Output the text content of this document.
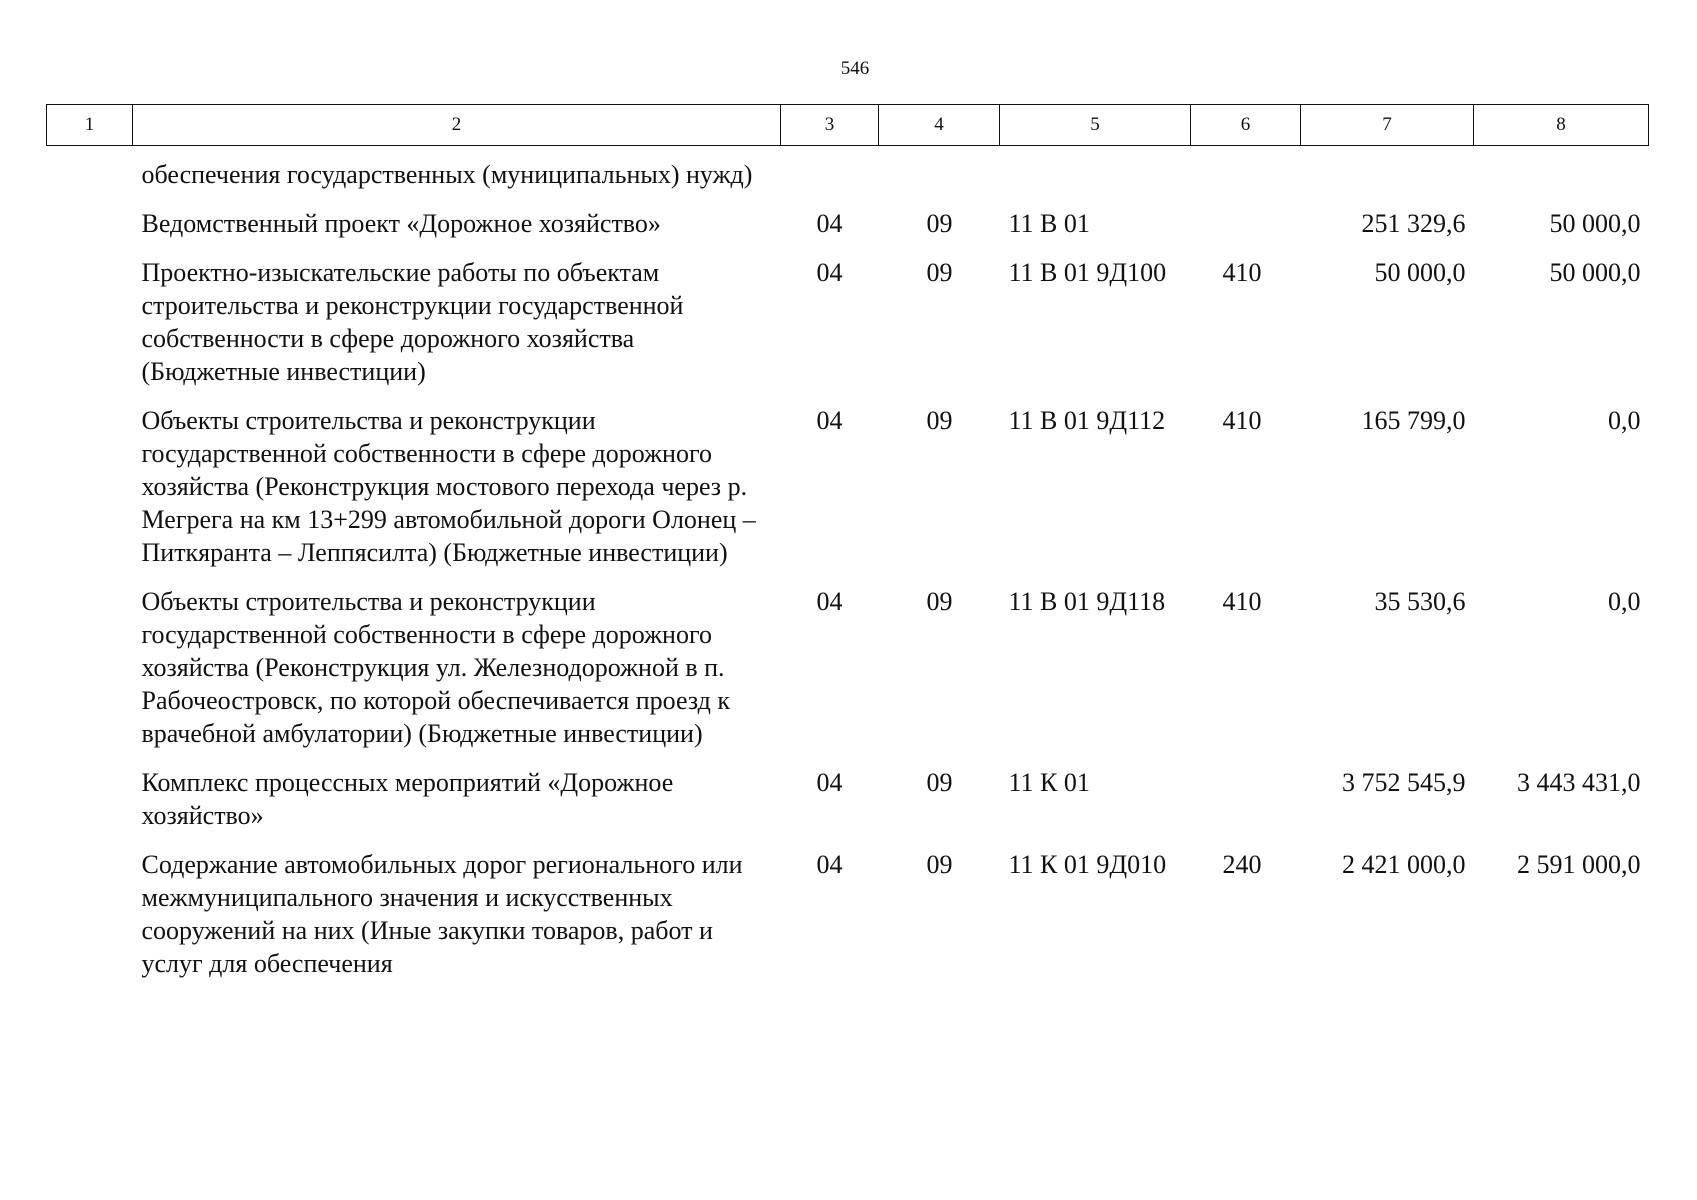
546
1	2	3	4	5	6	7	8
	обеспечения государственных (муниципальных) нужд)						
	Ведомственный проект «Дорожное хозяйство»	04	09	11 В 01		251 329,6	50 000,0
	Проектно-изыскательские работы по объектам строительства и реконструкции государственной собственности в сфере дорожного хозяйства (Бюджетные инвестиции)	04	09	11 В 01 9Д100	410	50 000,0	50 000,0
	Объекты строительства и реконструкции государственной собственности в сфере дорожного хозяйства (Реконструкция мостового перехода через р. Мегрега на км 13+299 автомобильной дороги Олонец – Питкяранта – Леппясилта) (Бюджетные инвестиции)	04	09	11 В 01 9Д112	410	165 799,0	0,0
	Объекты строительства и реконструкции государственной собственности в сфере дорожного хозяйства (Реконструкция ул. Железнодорожной в п. Рабочеостровск, по которой обеспечивается проезд к врачебной амбулатории) (Бюджетные инвестиции)	04	09	11 В 01 9Д118	410	35 530,6	0,0
	Комплекс процессных мероприятий «Дорожное хозяйство»	04	09	11 К 01		3 752 545,9	3 443 431,0
	Содержание автомобильных дорог регионального или межмуниципального значения и искусственных сооружений на них (Иные закупки товаров, работ и услуг для обеспечения	04	09	11 К 01 9Д010	240	2 421 000,0	2 591 000,0
